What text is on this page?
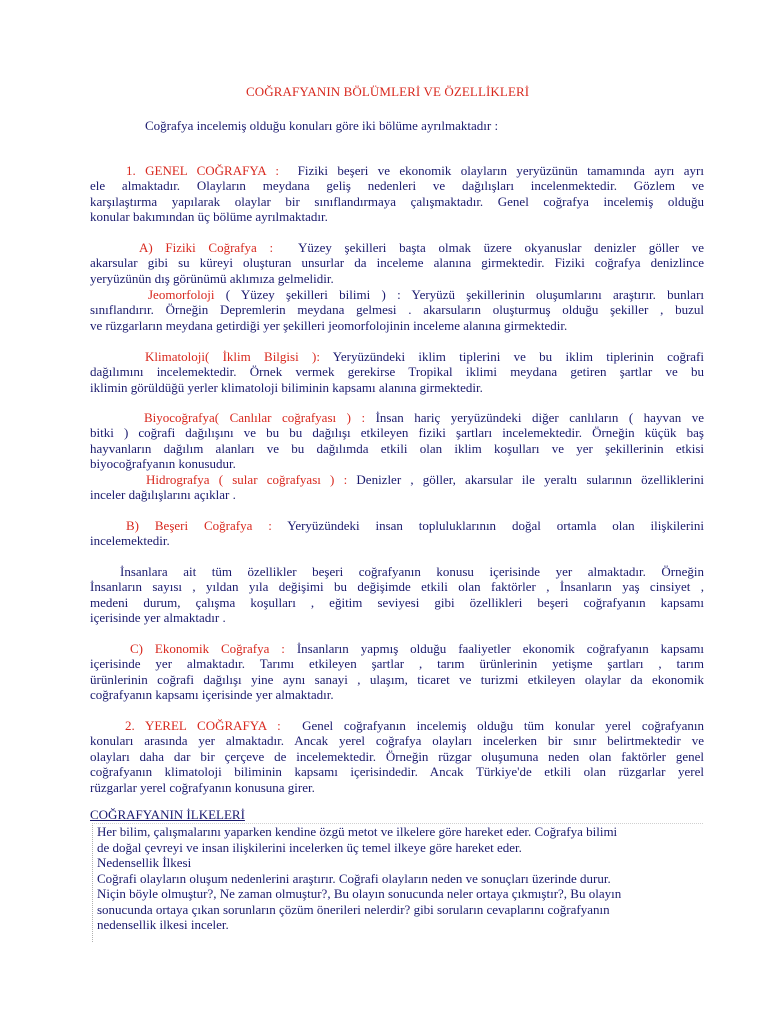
COĞRAFYANIN BÖLÜMLERİ VE ÖZELLİKLERİ
Coğrafya incelemiş olduğu konuları göre iki bölüme ayrılmaktadır :
1. GENEL COĞRAFYA : Fiziki beşeri ve ekonomik olayların yeryüzünün tamamında ayrı ayrı
ele almaktadır. Olayların meydana geliş nedenleri ve dağılışları incelenmektedir. Gözlem ve
karşılaştırma yapılarak olaylar bir sınıflandırmaya çalışmaktadır. Genel coğrafya incelemiş olduğu
konular bakımından üç bölüme ayrılmaktadır.
A) Fiziki Coğrafya : Yüzey şekilleri başta olmak üzere okyanuslar denizler göller ve
akarsular gibi su küreyi oluşturan unsurlar da inceleme alanına girmektedir. Fiziki coğrafya denizlince
yeryüzünün dış görünümü aklımıza gelmelidir.
Jeomorfoloji ( Yüzey şekilleri bilimi ) : Yeryüzü şekillerinin oluşumlarını araştırır. bunları
sınıflandırır. Örneğin Depremlerin meydana gelmesi . akarsuların oluşturmuş olduğu şekiller , buzul
ve rüzgarların meydana getirdiği yer şekilleri jeomorfolojinin inceleme alanına girmektedir.
Klimatoloji( İklim Bilgisi ): Yeryüzündeki iklim tiplerini ve bu iklim tiplerinin coğrafi
dağılımını incelemektedir. Örnek vermek gerekirse Tropikal iklimi meydana getiren şartlar ve bu
iklimin görüldüğü yerler klimatoloji biliminin kapsamı alanına girmektedir.
Biyocoğrafya( Canlılar coğrafyası ) : İnsan hariç yeryüzündeki diğer canlıların ( hayvan ve
bitki ) coğrafi dağılışını ve bu bu dağılışı etkileyen fiziki şartları incelemektedir. Örneğin küçük baş
hayvanların dağılım alanları ve bu dağılımda etkili olan iklim koşulları ve yer şekillerinin etkisi
biyocoğrafyanın konusudur.
Hidrografya ( sular coğrafyası ) : Denizler , göller, akarsular ile yeraltı sularının özelliklerini
inceler dağılışlarını açıklar .
B) Beşeri Coğrafya : Yeryüzündeki insan topluluklarının doğal ortamla olan ilişkilerini
incelemektedir.
İnsanlara ait tüm özellikler beşeri coğrafyanın konusu içerisinde yer almaktadır. Örneğin
İnsanların sayısı , yıldan yıla değişimi bu değişimde etkili olan faktörler , İnsanların yaş cinsiyet ,
medeni durum, çalışma koşulları , eğitim seviyesi gibi özellikleri beşeri coğrafyanın kapsamı
içerisinde yer almaktadır .
C) Ekonomik Coğrafya : İnsanların yapmış olduğu faaliyetler ekonomik coğrafyanın kapsamı
içerisinde yer almaktadır. Tarımı etkileyen şartlar , tarım ürünlerinin yetişme şartları , tarım
ürünlerinin coğrafi dağılışı yine aynı sanayi , ulaşım, ticaret ve turizmi etkileyen olaylar da ekonomik
coğrafyanın kapsamı içerisinde yer almaktadır.
2. YEREL COĞRAFYA : Genel coğrafyanın incelemiş olduğu tüm konular yerel coğrafyanın
konuları arasında yer almaktadır. Ancak yerel coğrafya olayları incelerken bir sınır belirtmektedir ve
olayları daha dar bir çerçeve de incelemektedir. Örneğin rüzgar oluşumuna neden olan faktörler genel
coğrafyanın klimatoloji biliminin kapsamı içerisindedir. Ancak Türkiye'de etkili olan rüzgarlar yerel
rüzgarlar yerel coğrafyanın konusuna girer.
COĞRAFYANIN İLKELERİ
Her bilim, çalışmalarını yaparken kendine özgü metot ve ilkelere göre hareket eder. Coğrafya bilimi
de doğal çevreyi ve insan ilişkilerini incelerken üç temel ilkeye göre hareket eder.
Nedensellik İlkesi
Coğrafi olayların oluşum nedenlerini araştırır. Coğrafi olayların neden ve sonuçları üzerinde durur.
Niçin böyle olmuştur?, Ne zaman olmuştur?, Bu olayın sonucunda neler ortaya çıkmıştır?, Bu olayın
sonucunda ortaya çıkan sorunların çözüm önerileri nelerdir? gibi soruların cevaplarını coğrafyanın
nedensellik ilkesi inceler.
